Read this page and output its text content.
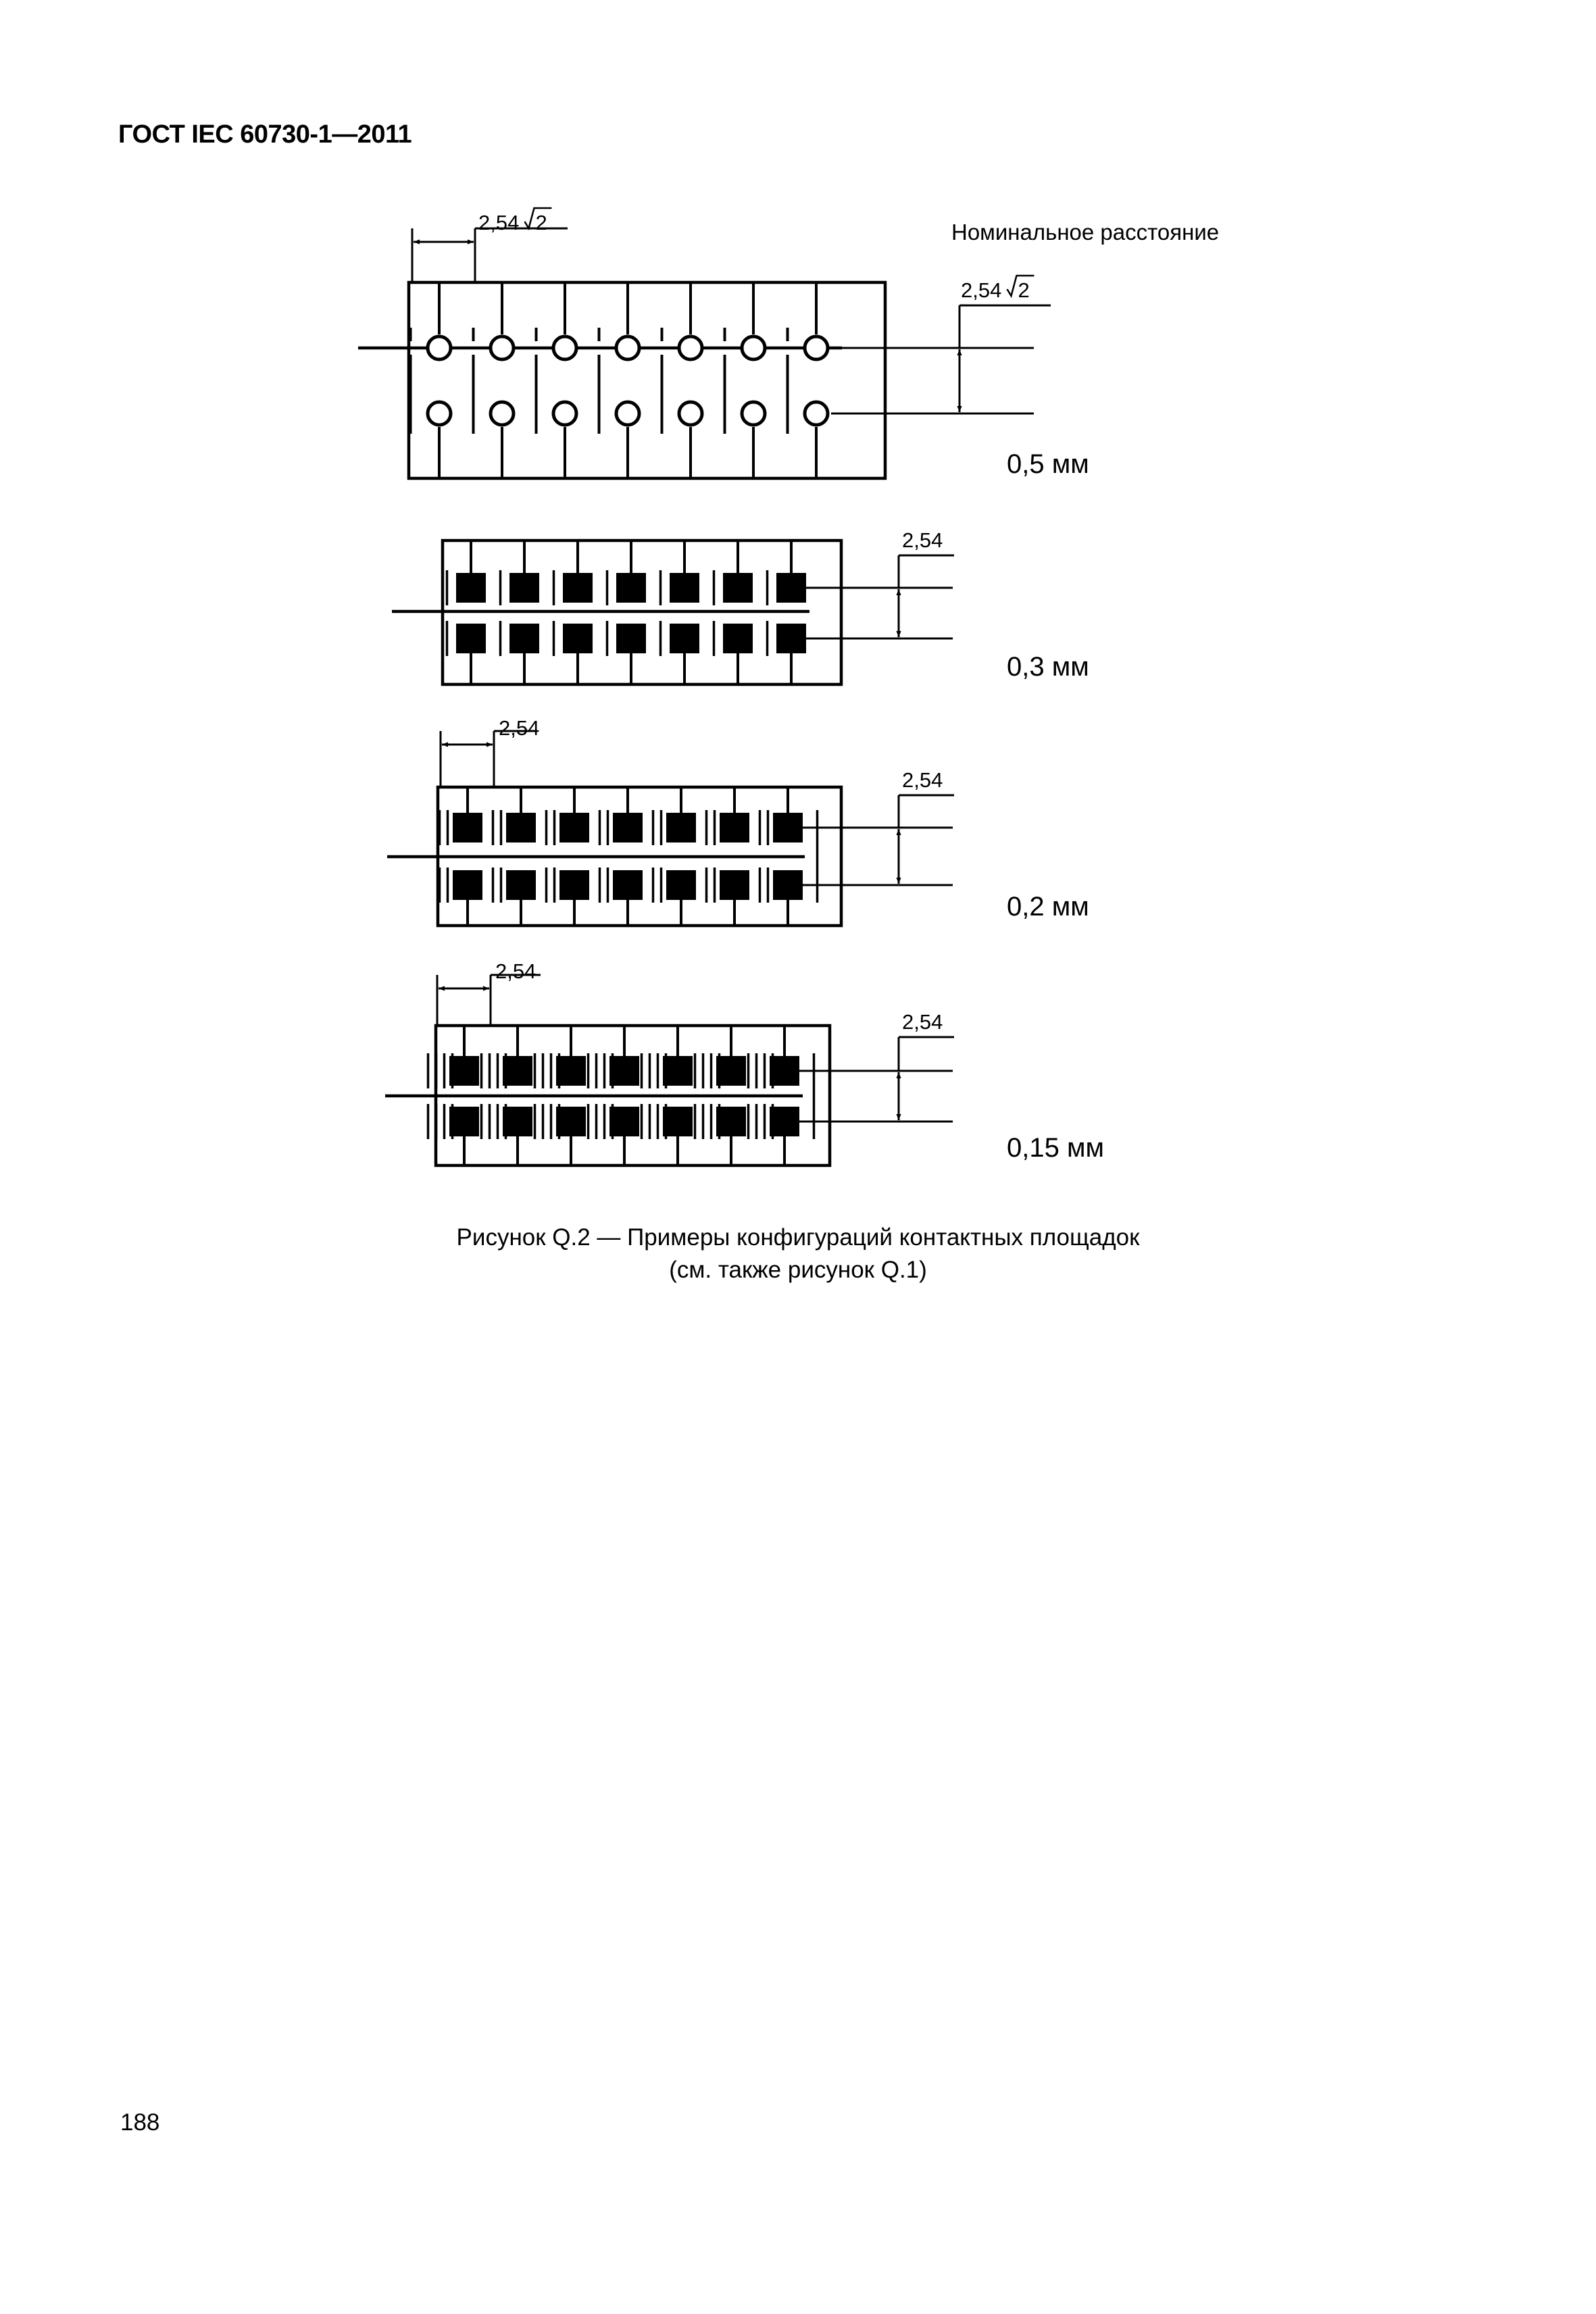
ГОСТ IEC 60730-1—2011
Номинальное расстояние
2,54 2
2,54 2
0,5 мм
2,54
0,3 мм
2,54
2,54
0,2 мм
2,54
2,54
0,15 мм
Рисунок Q.2 — Примеры конфигураций контактных площадок
(см. также рисунок Q.1)
188
